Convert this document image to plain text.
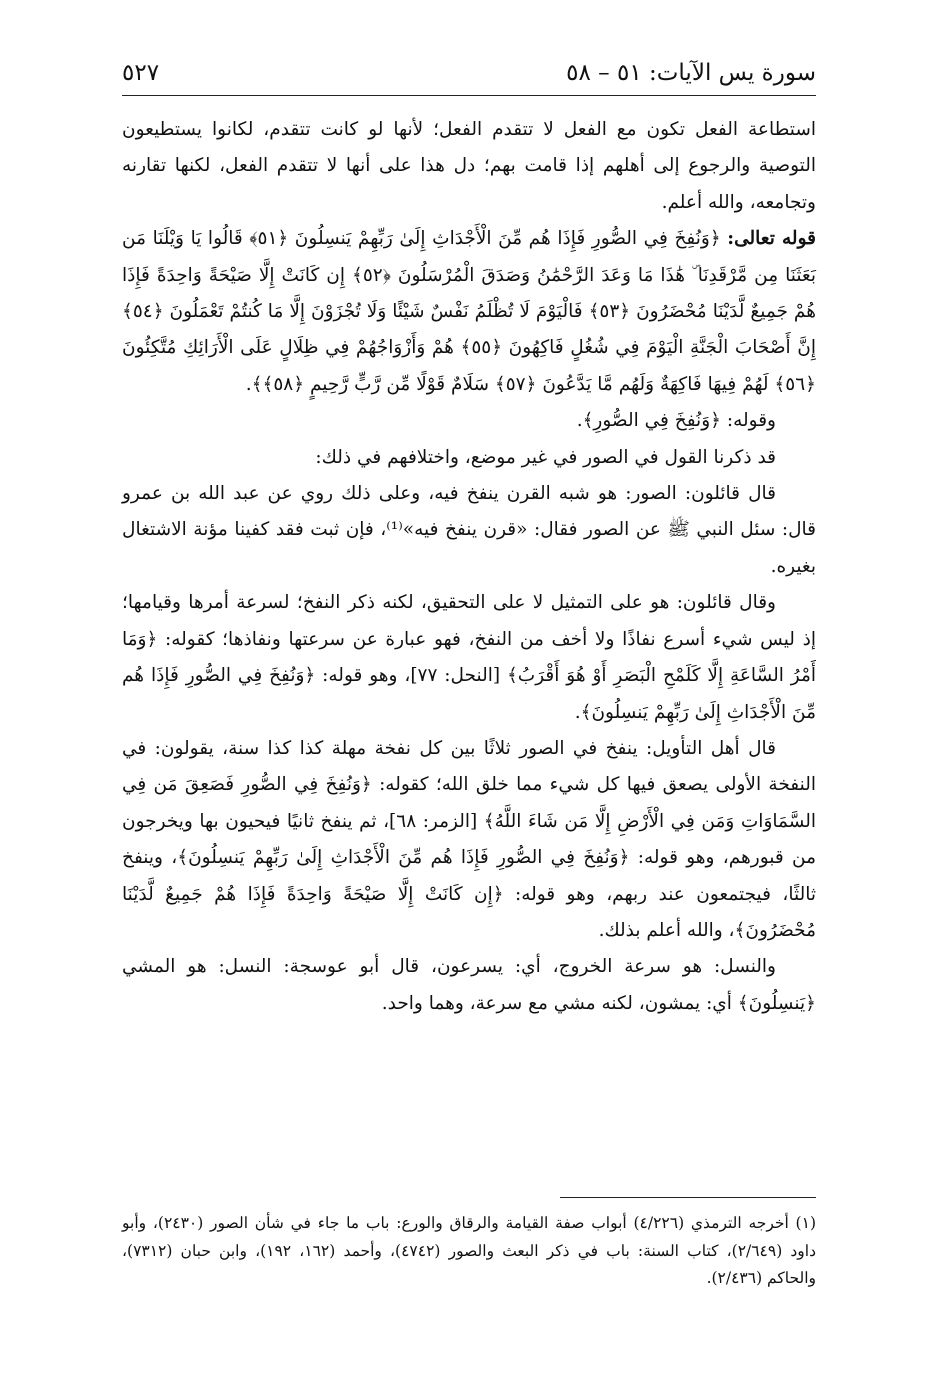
سورة يس الآيات: ٥١ – ٥٨
٥٢٧

استطاعة الفعل تكون مع الفعل لا تتقدم الفعل؛ لأنها لو كانت تتقدم، لكانوا يستطيعون التوصية والرجوع إلى أهلهم إذا قامت بهم؛ دل هذا على أنها لا تتقدم الفعل، لكنها تقارنه وتجامعه، والله أعلم.

قوله تعالى: ﴿وَنُفِخَ فِي الصُّورِ فَإِذَا هُم مِّنَ الْأَجْدَاثِ إِلَىٰ رَبِّهِمْ يَنسِلُونَ ﴿٥١﴾ قَالُوا يَا وَيْلَنَا مَن بَعَثَنَا مِن مَّرْقَدِنَا ۜ هَٰذَا مَا وَعَدَ الرَّحْمَٰنُ وَصَدَقَ الْمُرْسَلُونَ ﴿٥٢﴾ إِن كَانَتْ إِلَّا صَيْحَةً وَاحِدَةً فَإِذَا هُمْ جَمِيعٌ لَّدَيْنَا مُحْضَرُونَ ﴿٥٣﴾ فَالْيَوْمَ لَا تُظْلَمُ نَفْسٌ شَيْئًا وَلَا تُجْزَوْنَ إِلَّا مَا كُنتُمْ تَعْمَلُونَ ﴿٥٤﴾ إِنَّ أَصْحَابَ الْجَنَّةِ الْيَوْمَ فِي شُغُلٍ فَاكِهُونَ ﴿٥٥﴾ هُمْ وَأَزْوَاجُهُمْ فِي ظِلَالٍ عَلَى الْأَرَائِكِ مُتَّكِئُونَ ﴿٥٦﴾ لَهُمْ فِيهَا فَاكِهَةٌ وَلَهُم مَّا يَدَّعُونَ ﴿٥٧﴾ سَلَامٌ قَوْلًا مِّن رَّبٍّ رَّحِيمٍ ﴿٥٨﴾﴾.

وقوله: ﴿وَنُفِخَ فِي الصُّورِ﴾.

قد ذكرنا القول في الصور في غير موضع، واختلافهم في ذلك:

قال قائلون: الصور: هو شبه القرن ينفخ فيه، وعلى ذلك روي عن عبد الله بن عمرو قال: سئل النبي ﷺ عن الصور فقال: «قرن ينفخ فيه»⁽¹⁾، فإن ثبت فقد كفينا مؤنة الاشتغال بغيره.

وقال قائلون: هو على التمثيل لا على التحقيق، لكنه ذكر النفخ؛ لسرعة أمرها وقيامها؛ إذ ليس شيء أسرع نفاذًا ولا أخف من النفخ، فهو عبارة عن سرعتها ونفاذها؛ كقوله: ﴿وَمَا أَمْرُ السَّاعَةِ إِلَّا كَلَمْحِ الْبَصَرِ أَوْ هُوَ أَقْرَبُ﴾ [النحل: ٧٧]، وهو قوله: ﴿وَنُفِخَ فِي الصُّورِ فَإِذَا هُم مِّنَ الْأَجْدَاثِ إِلَىٰ رَبِّهِمْ يَنسِلُونَ﴾.

قال أهل التأويل: ينفخ في الصور ثلاثًا بين كل نفخة مهلة كذا كذا سنة، يقولون: في النفخة الأولى يصعق فيها كل شيء مما خلق الله؛ كقوله: ﴿وَنُفِخَ فِي الصُّورِ فَصَعِقَ مَن فِي السَّمَاوَاتِ وَمَن فِي الْأَرْضِ إِلَّا مَن شَاءَ اللَّهُ﴾ [الزمر: ٦٨]، ثم ينفخ ثانيًا فيحيون بها ويخرجون من قبورهم، وهو قوله: ﴿وَنُفِخَ فِي الصُّورِ فَإِذَا هُم مِّنَ الْأَجْدَاثِ إِلَىٰ رَبِّهِمْ يَنسِلُونَ﴾، وينفخ ثالثًا، فيجتمعون عند ربهم، وهو قوله: ﴿إِن كَانَتْ إِلَّا صَيْحَةً وَاحِدَةً فَإِذَا هُمْ جَمِيعٌ لَّدَيْنَا مُحْضَرُونَ﴾، والله أعلم بذلك.

والنسل: هو سرعة الخروج، أي: يسرعون، قال أبو عوسجة: النسل: هو المشي ﴿يَنسِلُونَ﴾ أي: يمشون، لكنه مشي مع سرعة، وهما واحد.

(١) أخرجه الترمذي (٤/٢٢٦) أبواب صفة القيامة والرقاق والورع: باب ما جاء في شأن الصور (٢٤٣٠)، وأبو داود (٢/٦٤٩)، كتاب السنة: باب في ذكر البعث والصور (٤٧٤٢)، وأحمد (١٦٢، ١٩٢)، وابن حبان (٧٣١٢)، والحاكم (٢/٤٣٦).
